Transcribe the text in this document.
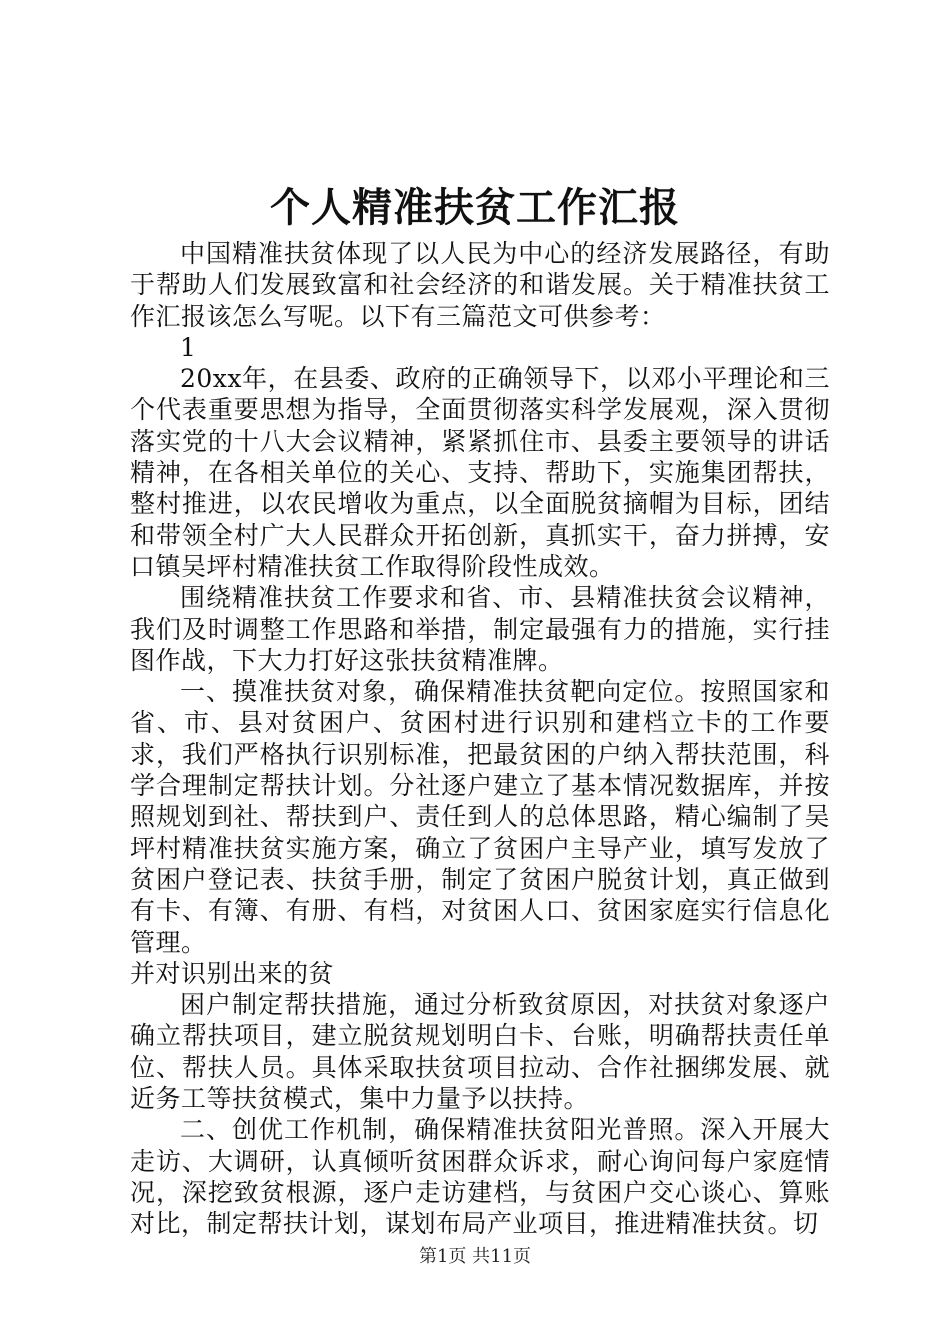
个人精准扶贫工作汇报

中国精准扶贫体现了以人民为中心的经济发展路径，有助于帮助人们发展致富和社会经济的和谐发展。关于精准扶贫工作汇报该怎么写呢。以下有三篇范文可供参考：

1

20xx年，在县委、政府的正确领导下，以邓小平理论和三个代表重要思想为指导，全面贯彻落实科学发展观，深入贯彻落实党的十八大会议精神，紧紧抓住市、县委主要领导的讲话精神，在各相关单位的关心、支持、帮助下，实施集团帮扶，整村推进，以农民增收为重点，以全面脱贫摘帽为目标，团结和带领全村广大人民群众开拓创新，真抓实干，奋力拼搏，安口镇吴坪村精准扶贫工作取得阶段性成效。

围绕精准扶贫工作要求和省、市、县精准扶贫会议精神，我们及时调整工作思路和举措，制定最强有力的措施，实行挂图作战，下大力打好这张扶贫精准牌。

一、摸准扶贫对象，确保精准扶贫靶向定位。按照国家和省、市、县对贫困户、贫困村进行识别和建档立卡的工作要求，我们严格执行识别标准，把最贫困的户纳入帮扶范围，科学合理制定帮扶计划。分社逐户建立了基本情况数据库，并按照规划到社、帮扶到户、责任到人的总体思路，精心编制了吴坪村精准扶贫实施方案，确立了贫困户主导产业，填写发放了贫困户登记表、扶贫手册，制定了贫困户脱贫计划，真正做到有卡、有簿、有册、有档，对贫困人口、贫困家庭实行信息化管理。

并对识别出来的贫

困户制定帮扶措施，通过分析致贫原因，对扶贫对象逐户确立帮扶项目，建立脱贫规划明白卡、台账，明确帮扶责任单位、帮扶人员。具体采取扶贫项目拉动、合作社捆绑发展、就近务工等扶贫模式，集中力量予以扶持。

二、创优工作机制，确保精准扶贫阳光普照。深入开展大走访、大调研，认真倾听贫困群众诉求，耐心询问每户家庭情况，深挖致贫根源，逐户走访建档，与贫困户交心谈心、算账对比，制定帮扶计划，谋划布局产业项目，推进精准扶贫。切

第1页 共11页
